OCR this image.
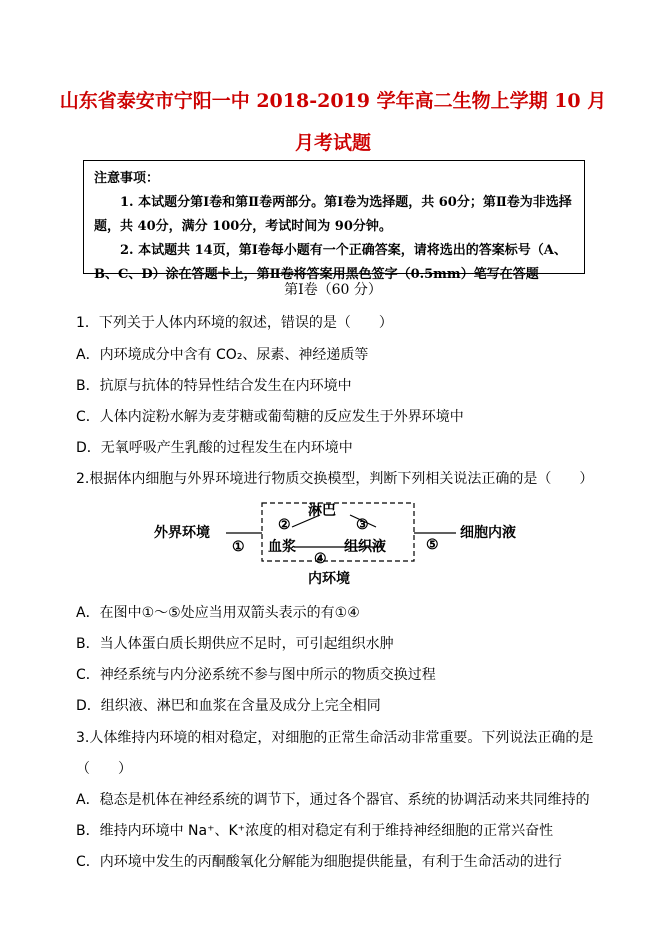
山东省泰安市宁阳一中 2018-2019 学年高二生物上学期 10 月
月考试题
注意事项：
1. 本试题分第Ⅰ卷和第Ⅱ卷两部分。第Ⅰ卷为选择题，共 60分；第Ⅱ卷为非选择题，共 40分，满分 100分，考试时间为 90分钟。
2. 本试题共 14页，第Ⅰ卷每小题有一个正确答案，请将选出的答案标号（A、B、C、D）涂在答题卡上，第Ⅱ卷将答案用黑色签字（0.5mm）笔写在答题
第Ⅰ卷（60 分）
1．下列关于人体内环境的叙述，错误的是（　　）
A．内环境成分中含有 CO₂、尿素、神经递质等
B．抗原与抗体的特异性结合发生在内环境中
C．人体内淀粉水解为麦芽糖或葡萄糖的反应发生于外界环境中
D．无氧呼吸产生乳酸的过程发生在内环境中
2.根据体内细胞与外界环境进行物质交换模型，判断下列相关说法正确的是（　　）
外界环境
①
淋巴
②	③
血浆	组织液
④
⑤
细胞内液
内环境
A．在图中①～⑤处应当用双箭头表示的有①④
B．当人体蛋白质长期供应不足时，可引起组织水肿
C．神经系统与内分泌系统不参与图中所示的物质交换过程
D．组织液、淋巴和血浆在含量及成分上完全相同
3.人体维持内环境的相对稳定，对细胞的正常生命活动非常重要。下列说法正确的是
（　　）
A．稳态是机体在神经系统的调节下，通过各个器官、系统的协调活动来共同维持的
B．维持内环境中 Na⁺、K⁺浓度的相对稳定有利于维持神经细胞的正常兴奋性
C．内环境中发生的丙酮酸氧化分解能为细胞提供能量，有利于生命活动的进行
